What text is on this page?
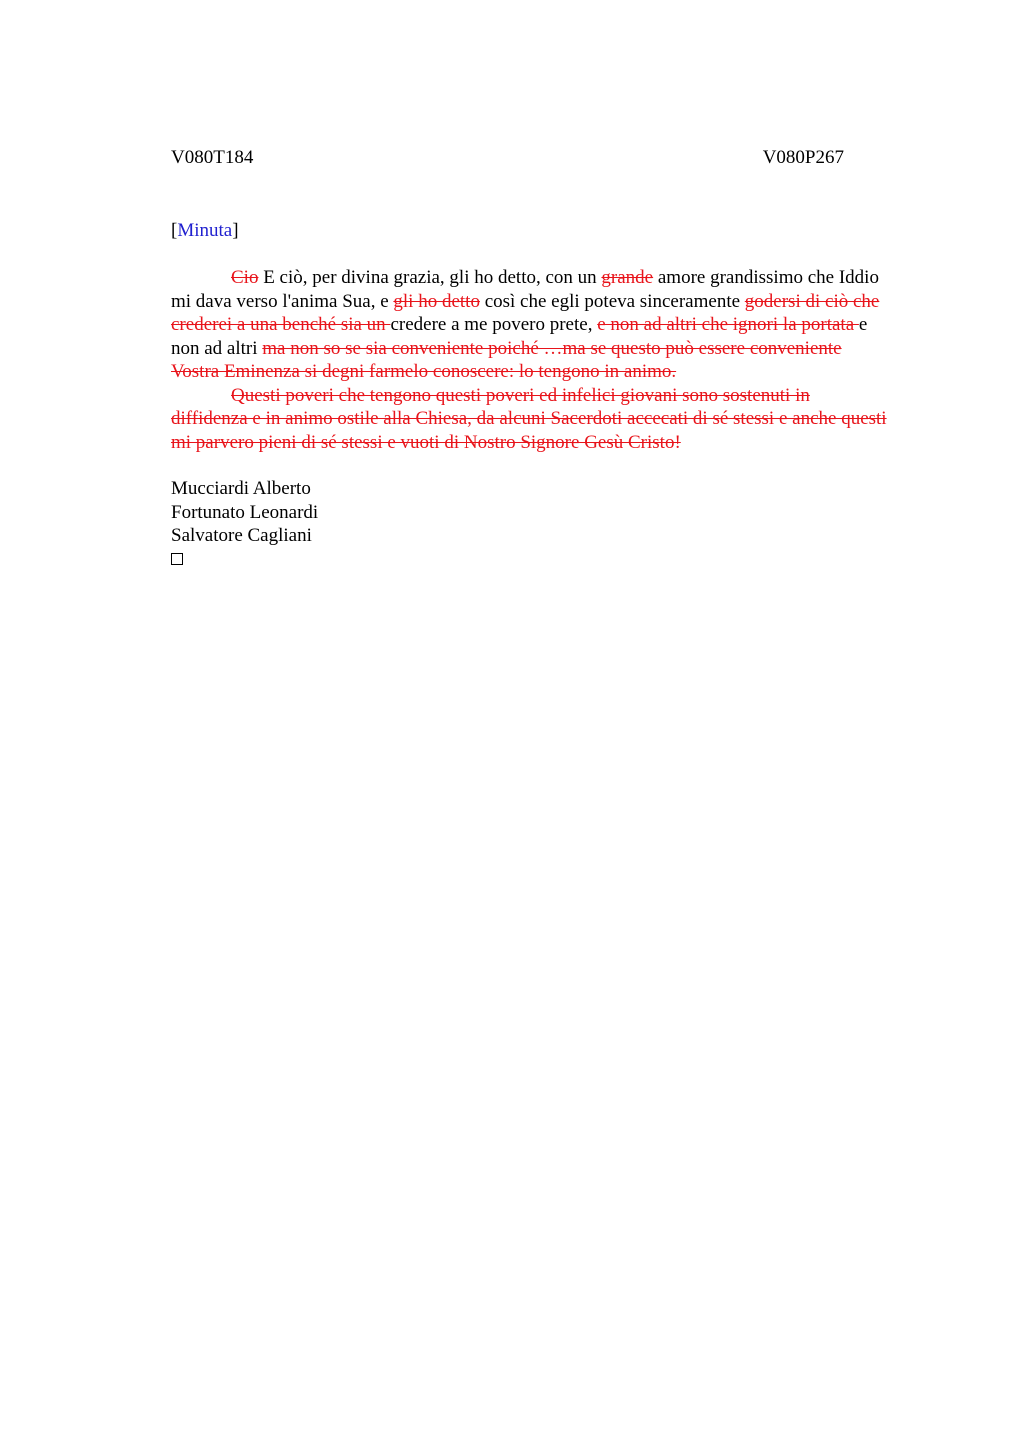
V080T184	V080P267
[Minuta]

Cio E ciò, per divina grazia, gli ho detto, con un grande amore grandissimo che Iddio mi dava verso l'anima Sua, e gli ho detto così che egli poteva sinceramente godersi di ciò che crederei a una benché sia un credere a me povero prete, e non ad altri che ignori la portata e non ad altri ma non so se sia conveniente poiché …ma se questo può essere conveniente Vostra Eminenza si degni farmelo conoscere: lo tengono in animo.

Questi poveri che tengono questi poveri ed infelici giovani sono sostenuti in diffidenza e in animo ostile alla Chiesa, da alcuni Sacerdoti accecati di sé stessi e anche questi mi parvero pieni di sé stessi e vuoti di Nostro Signore Gesù Cristo!

Mucciardi Alberto
Fortunato Leonardi
Salvatore Cagliani
